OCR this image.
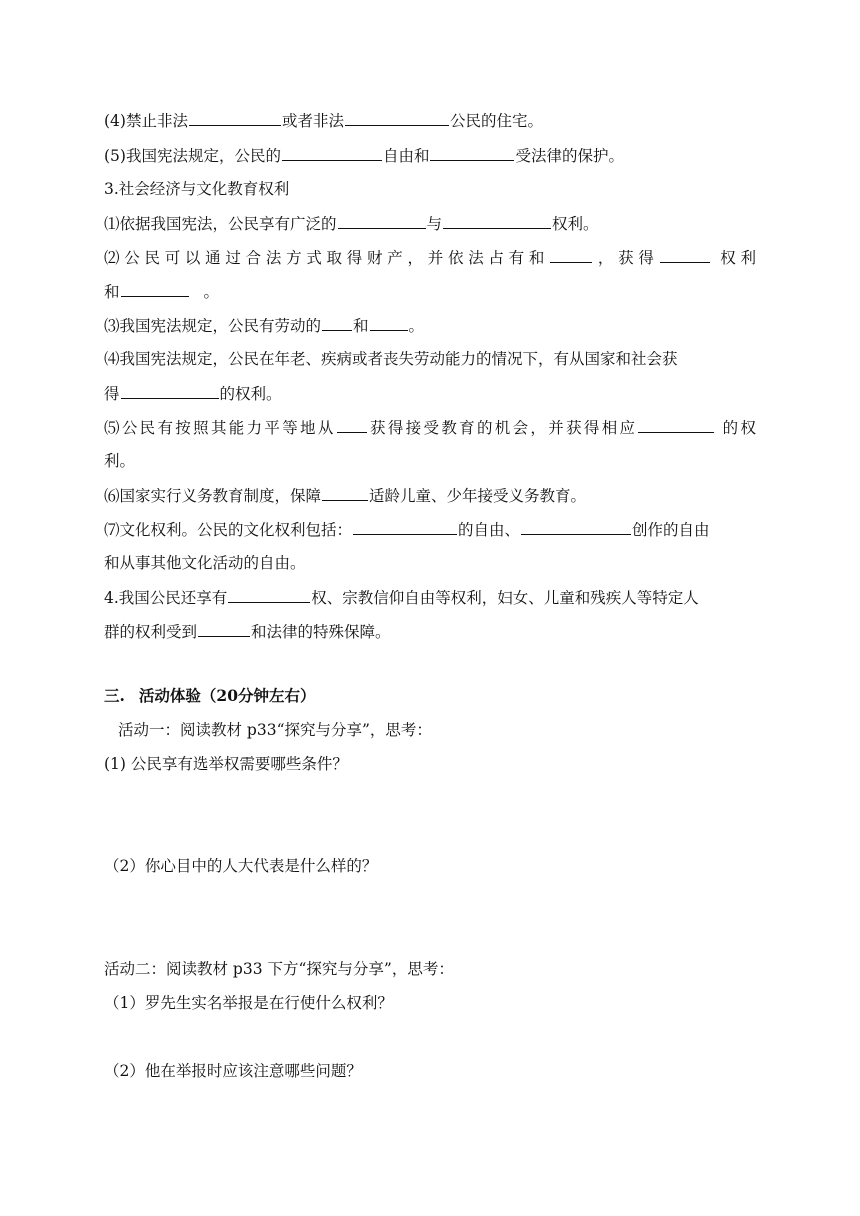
(4)禁止非法	或者非法	公民的住宅。
(5)我国宪法规定，公民的	自由和	受法律的保护。
3.社会经济与文化教育权利
⑴依据我国宪法，公民享有广泛的	与	权利。
⑵公民可以通过合法方式取得财产，并依法占有和	，获得	权利
和	。
⑶我国宪法规定，公民有劳动的 和	。
⑷我国宪法规定，公民在年老、疾病或者丧失劳动能力的情况下，有从国家和社会获
得	的权利。
⑸公民有按照其能力平等地从 获得接受教育的机会，并获得相应	的权
利。
⑹国家实行义务教育制度，保障	适龄儿童、少年接受义务教育。
⑺文化权利。公民的文化权利包括：	的自由、	创作的自由
和从事其他文化活动的自由。
4.我国公民还享有	权、宗教信仰自由等权利，妇女、儿童和残疾人等特定人
群的权利受到	和法律的特殊保障。
三. 活动体验（20分钟左右）
活动一：阅读教材 p33“探究与分享”，思考：
(1) 公民享有选举权需要哪些条件？
（2）你心目中的人大代表是什么样的？
活动二：阅读教材 p33 下方“探究与分享”，思考：
（1）罗先生实名举报是在行使什么权利？
（2）他在举报时应该注意哪些问题？
